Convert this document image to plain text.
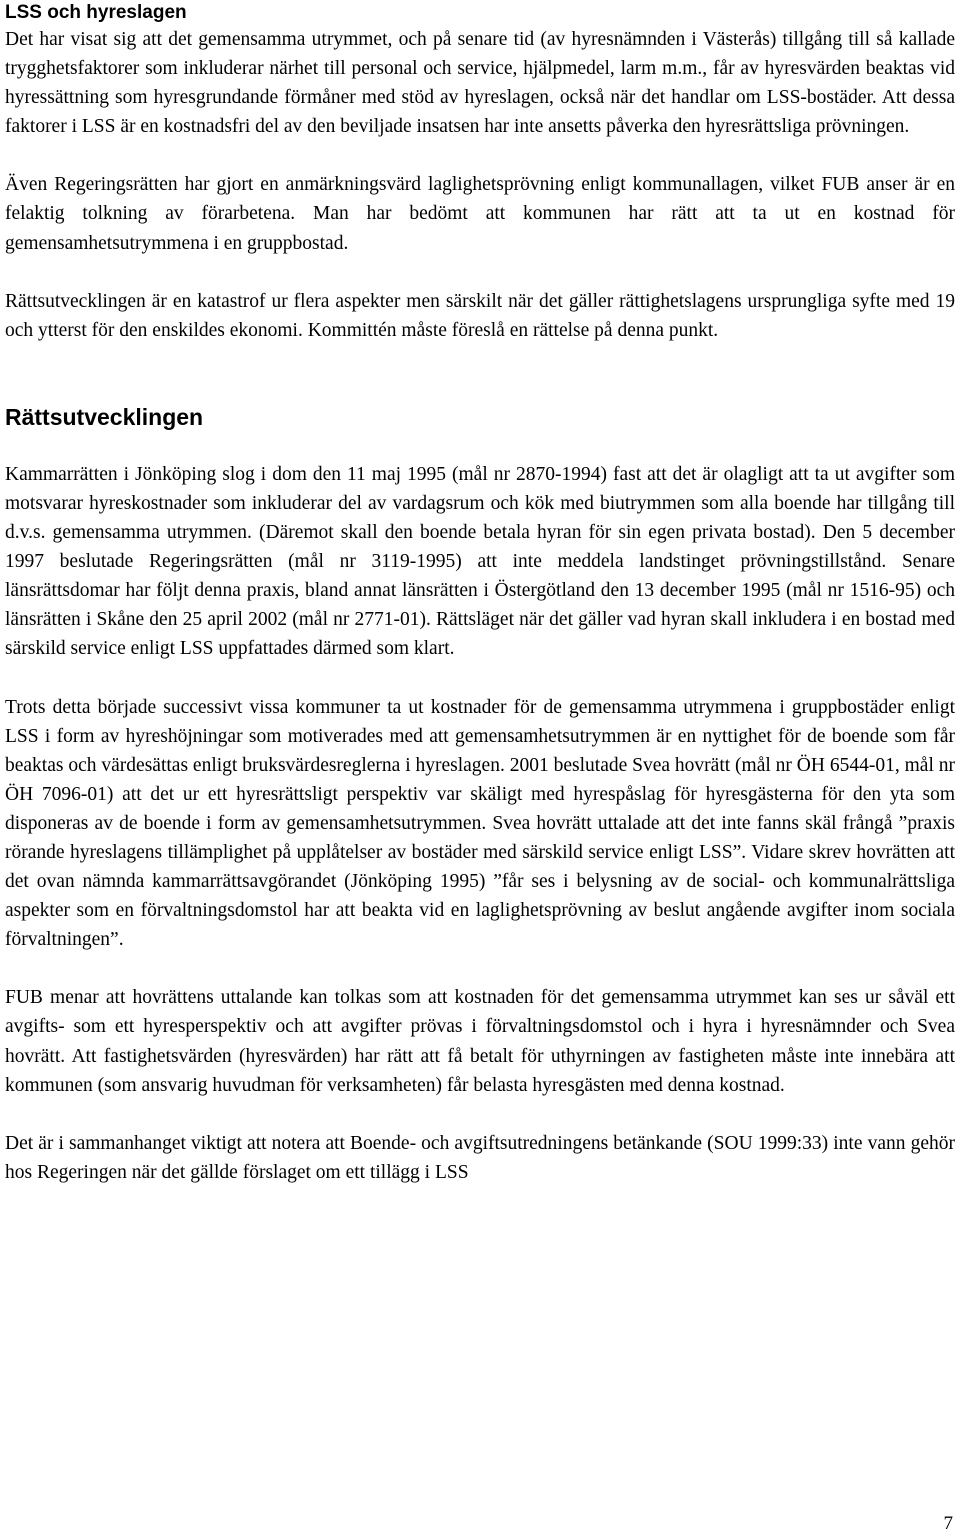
LSS och hyreslagen

Det har visat sig att det gemensamma utrymmet, och på senare tid (av hyresnämnden i Västerås) tillgång till så kallade trygghetsfaktorer som inkluderar närhet till personal och service, hjälpmedel, larm m.m., får av hyresvärden beaktas vid hyressättning som hyresgrundande förmåner med stöd av hyreslagen, också när det handlar om LSS-bostäder. Att dessa faktorer i LSS är en kostnadsfri del av den beviljade insatsen har inte ansetts påverka den hyresrättsliga prövningen.

Även Regeringsrätten har gjort en anmärkningsvärd laglighetsprövning enligt kommunallagen, vilket FUB anser är en felaktig tolkning av förarbetena. Man har bedömt att kommunen har rätt att ta ut en kostnad för gemensamhetsutrymmena i en gruppbostad.

Rättsutvecklingen är en katastrof ur flera aspekter men särskilt när det gäller rättighetslagens ursprungliga syfte med 19 och ytterst för den enskildes ekonomi. Kommittén måste föreslå en rättelse på denna punkt.

Rättsutvecklingen

Kammarrätten i Jönköping slog i dom den 11 maj 1995 (mål nr 2870-1994) fast att det är olagligt att ta ut avgifter som motsvarar hyreskostnader som inkluderar del av vardagsrum och kök med biutrymmen som alla boende har tillgång till d.v.s. gemensamma utrymmen. (Däremot skall den boende betala hyran för sin egen privata bostad). Den 5 december 1997 beslutade Regeringsrätten (mål nr 3119-1995) att inte meddela landstinget prövningstillstånd. Senare länsrättsdomar har följt denna praxis, bland annat länsrätten i Östergötland den 13 december 1995 (mål nr 1516-95) och länsrätten i Skåne den 25 april 2002 (mål nr 2771-01). Rättsläget när det gäller vad hyran skall inkludera i en bostad med särskild service enligt LSS uppfattades därmed som klart.

Trots detta började successivt vissa kommuner ta ut kostnader för de gemensamma utrymmena i gruppbostäder enligt LSS i form av hyreshöjningar som motiverades med att gemensamhetsutrymmen är en nyttighet för de boende som får beaktas och värdesättas enligt bruksvärdesreglerna i hyreslagen. 2001 beslutade Svea hovrätt (mål nr ÖH 6544-01, mål nr ÖH 7096-01) att det ur ett hyresrättsligt perspektiv var skäligt med hyrespåslag för hyresgästerna för den yta som disponeras av de boende i form av gemensamhetsutrymmen. Svea hovrätt uttalade att det inte fanns skäl frångå ”praxis rörande hyreslagens tillämplighet på upplåtelser av bostäder med särskild service enligt LSS”. Vidare skrev hovrätten att det ovan nämnda kammarrättsavgörandet (Jönköping 1995) ”får ses i belysning av de social- och kommunalrättsliga aspekter som en förvaltningsdomstol har att beakta vid en laglighetsprövning av beslut angående avgifter inom sociala förvaltningen”.

FUB menar att hovrättens uttalande kan tolkas som att kostnaden för det gemensamma utrymmet kan ses ur såväl ett avgifts- som ett hyresperspektiv och att avgifter prövas i förvaltningsdomstol och i hyra i hyresnämnder och Svea hovrätt. Att fastighetsvärden (hyresvärden) har rätt att få betalt för uthyrningen av fastigheten måste inte innebära att kommunen (som ansvarig huvudman för verksamheten) får belasta hyresgästen med denna kostnad.

Det är i sammanhanget viktigt att notera att Boende- och avgiftsutredningens betänkande (SOU 1999:33) inte vann gehör hos Regeringen när det gällde förslaget om ett tillägg i LSS

7
